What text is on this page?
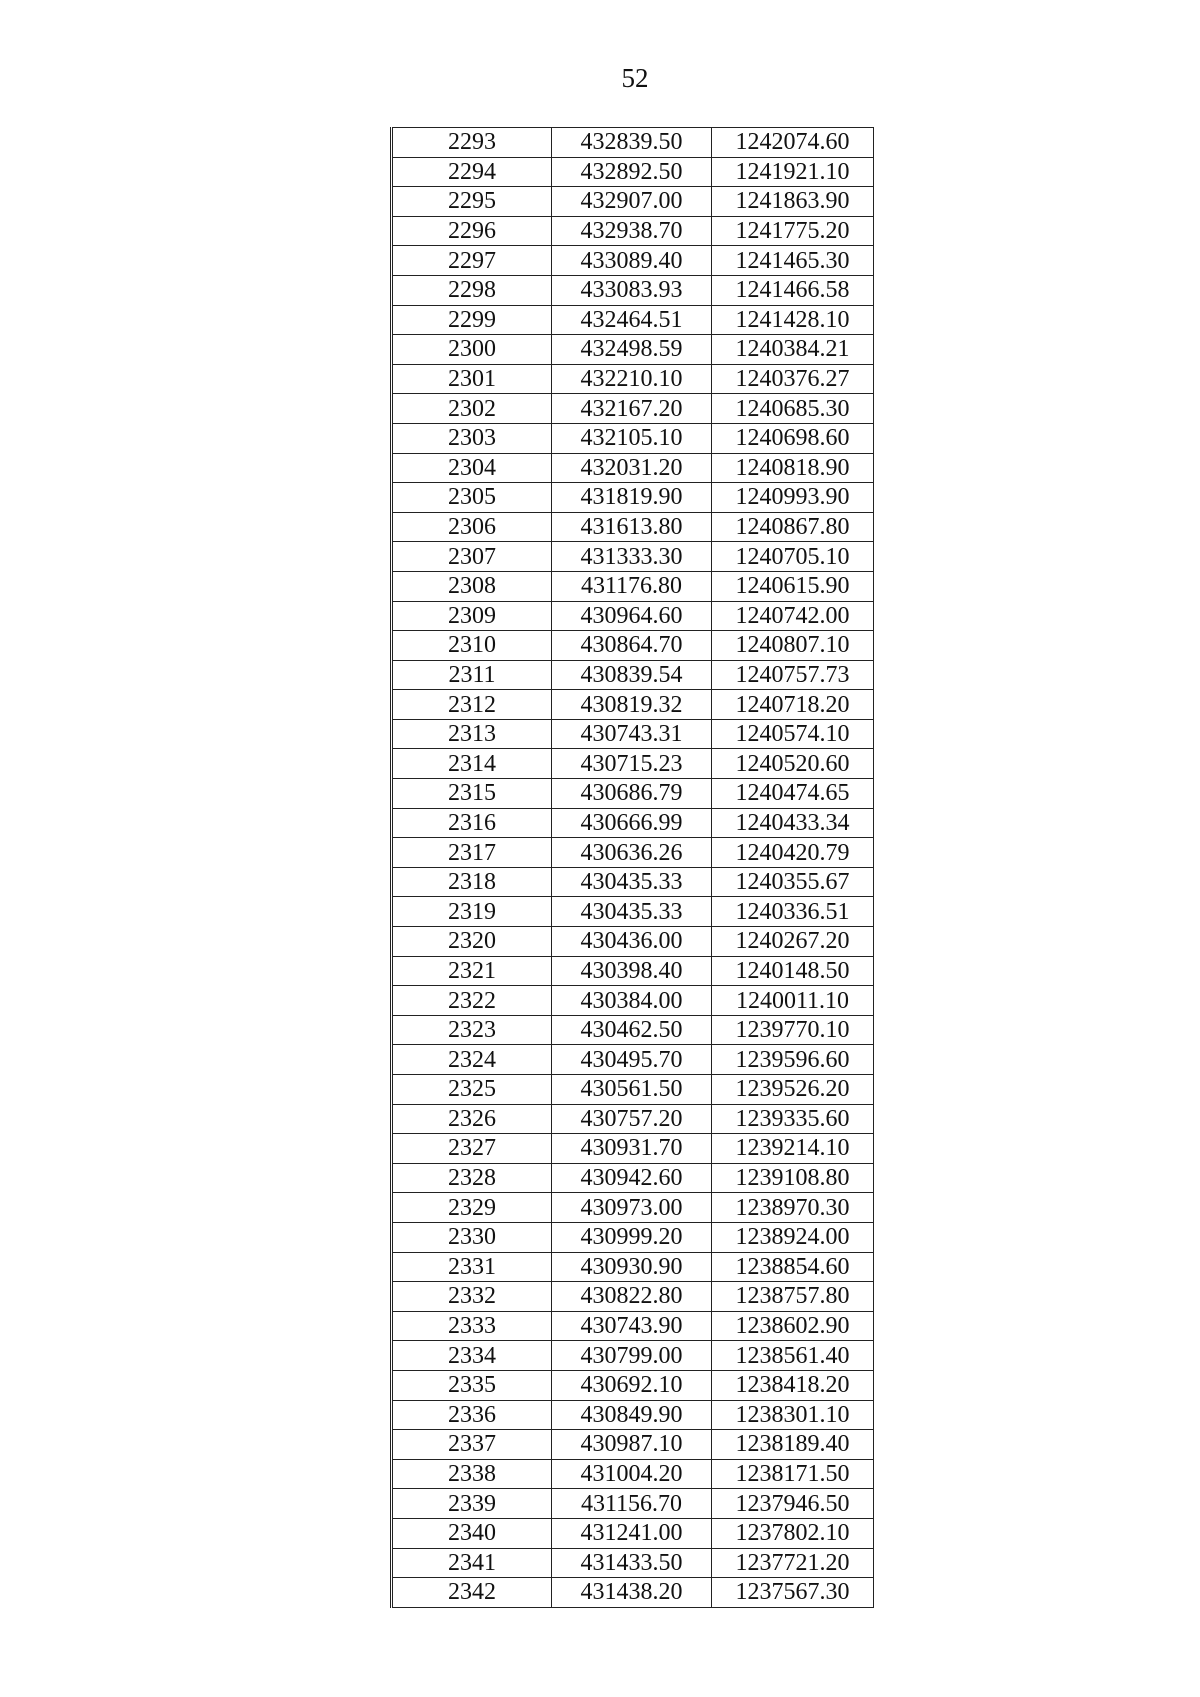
52
2293	432839.50	1242074.60
2294	432892.50	1241921.10
2295	432907.00	1241863.90
2296	432938.70	1241775.20
2297	433089.40	1241465.30
2298	433083.93	1241466.58
2299	432464.51	1241428.10
2300	432498.59	1240384.21
2301	432210.10	1240376.27
2302	432167.20	1240685.30
2303	432105.10	1240698.60
2304	432031.20	1240818.90
2305	431819.90	1240993.90
2306	431613.80	1240867.80
2307	431333.30	1240705.10
2308	431176.80	1240615.90
2309	430964.60	1240742.00
2310	430864.70	1240807.10
2311	430839.54	1240757.73
2312	430819.32	1240718.20
2313	430743.31	1240574.10
2314	430715.23	1240520.60
2315	430686.79	1240474.65
2316	430666.99	1240433.34
2317	430636.26	1240420.79
2318	430435.33	1240355.67
2319	430435.33	1240336.51
2320	430436.00	1240267.20
2321	430398.40	1240148.50
2322	430384.00	1240011.10
2323	430462.50	1239770.10
2324	430495.70	1239596.60
2325	430561.50	1239526.20
2326	430757.20	1239335.60
2327	430931.70	1239214.10
2328	430942.60	1239108.80
2329	430973.00	1238970.30
2330	430999.20	1238924.00
2331	430930.90	1238854.60
2332	430822.80	1238757.80
2333	430743.90	1238602.90
2334	430799.00	1238561.40
2335	430692.10	1238418.20
2336	430849.90	1238301.10
2337	430987.10	1238189.40
2338	431004.20	1238171.50
2339	431156.70	1237946.50
2340	431241.00	1237802.10
2341	431433.50	1237721.20
2342	431438.20	1237567.30
